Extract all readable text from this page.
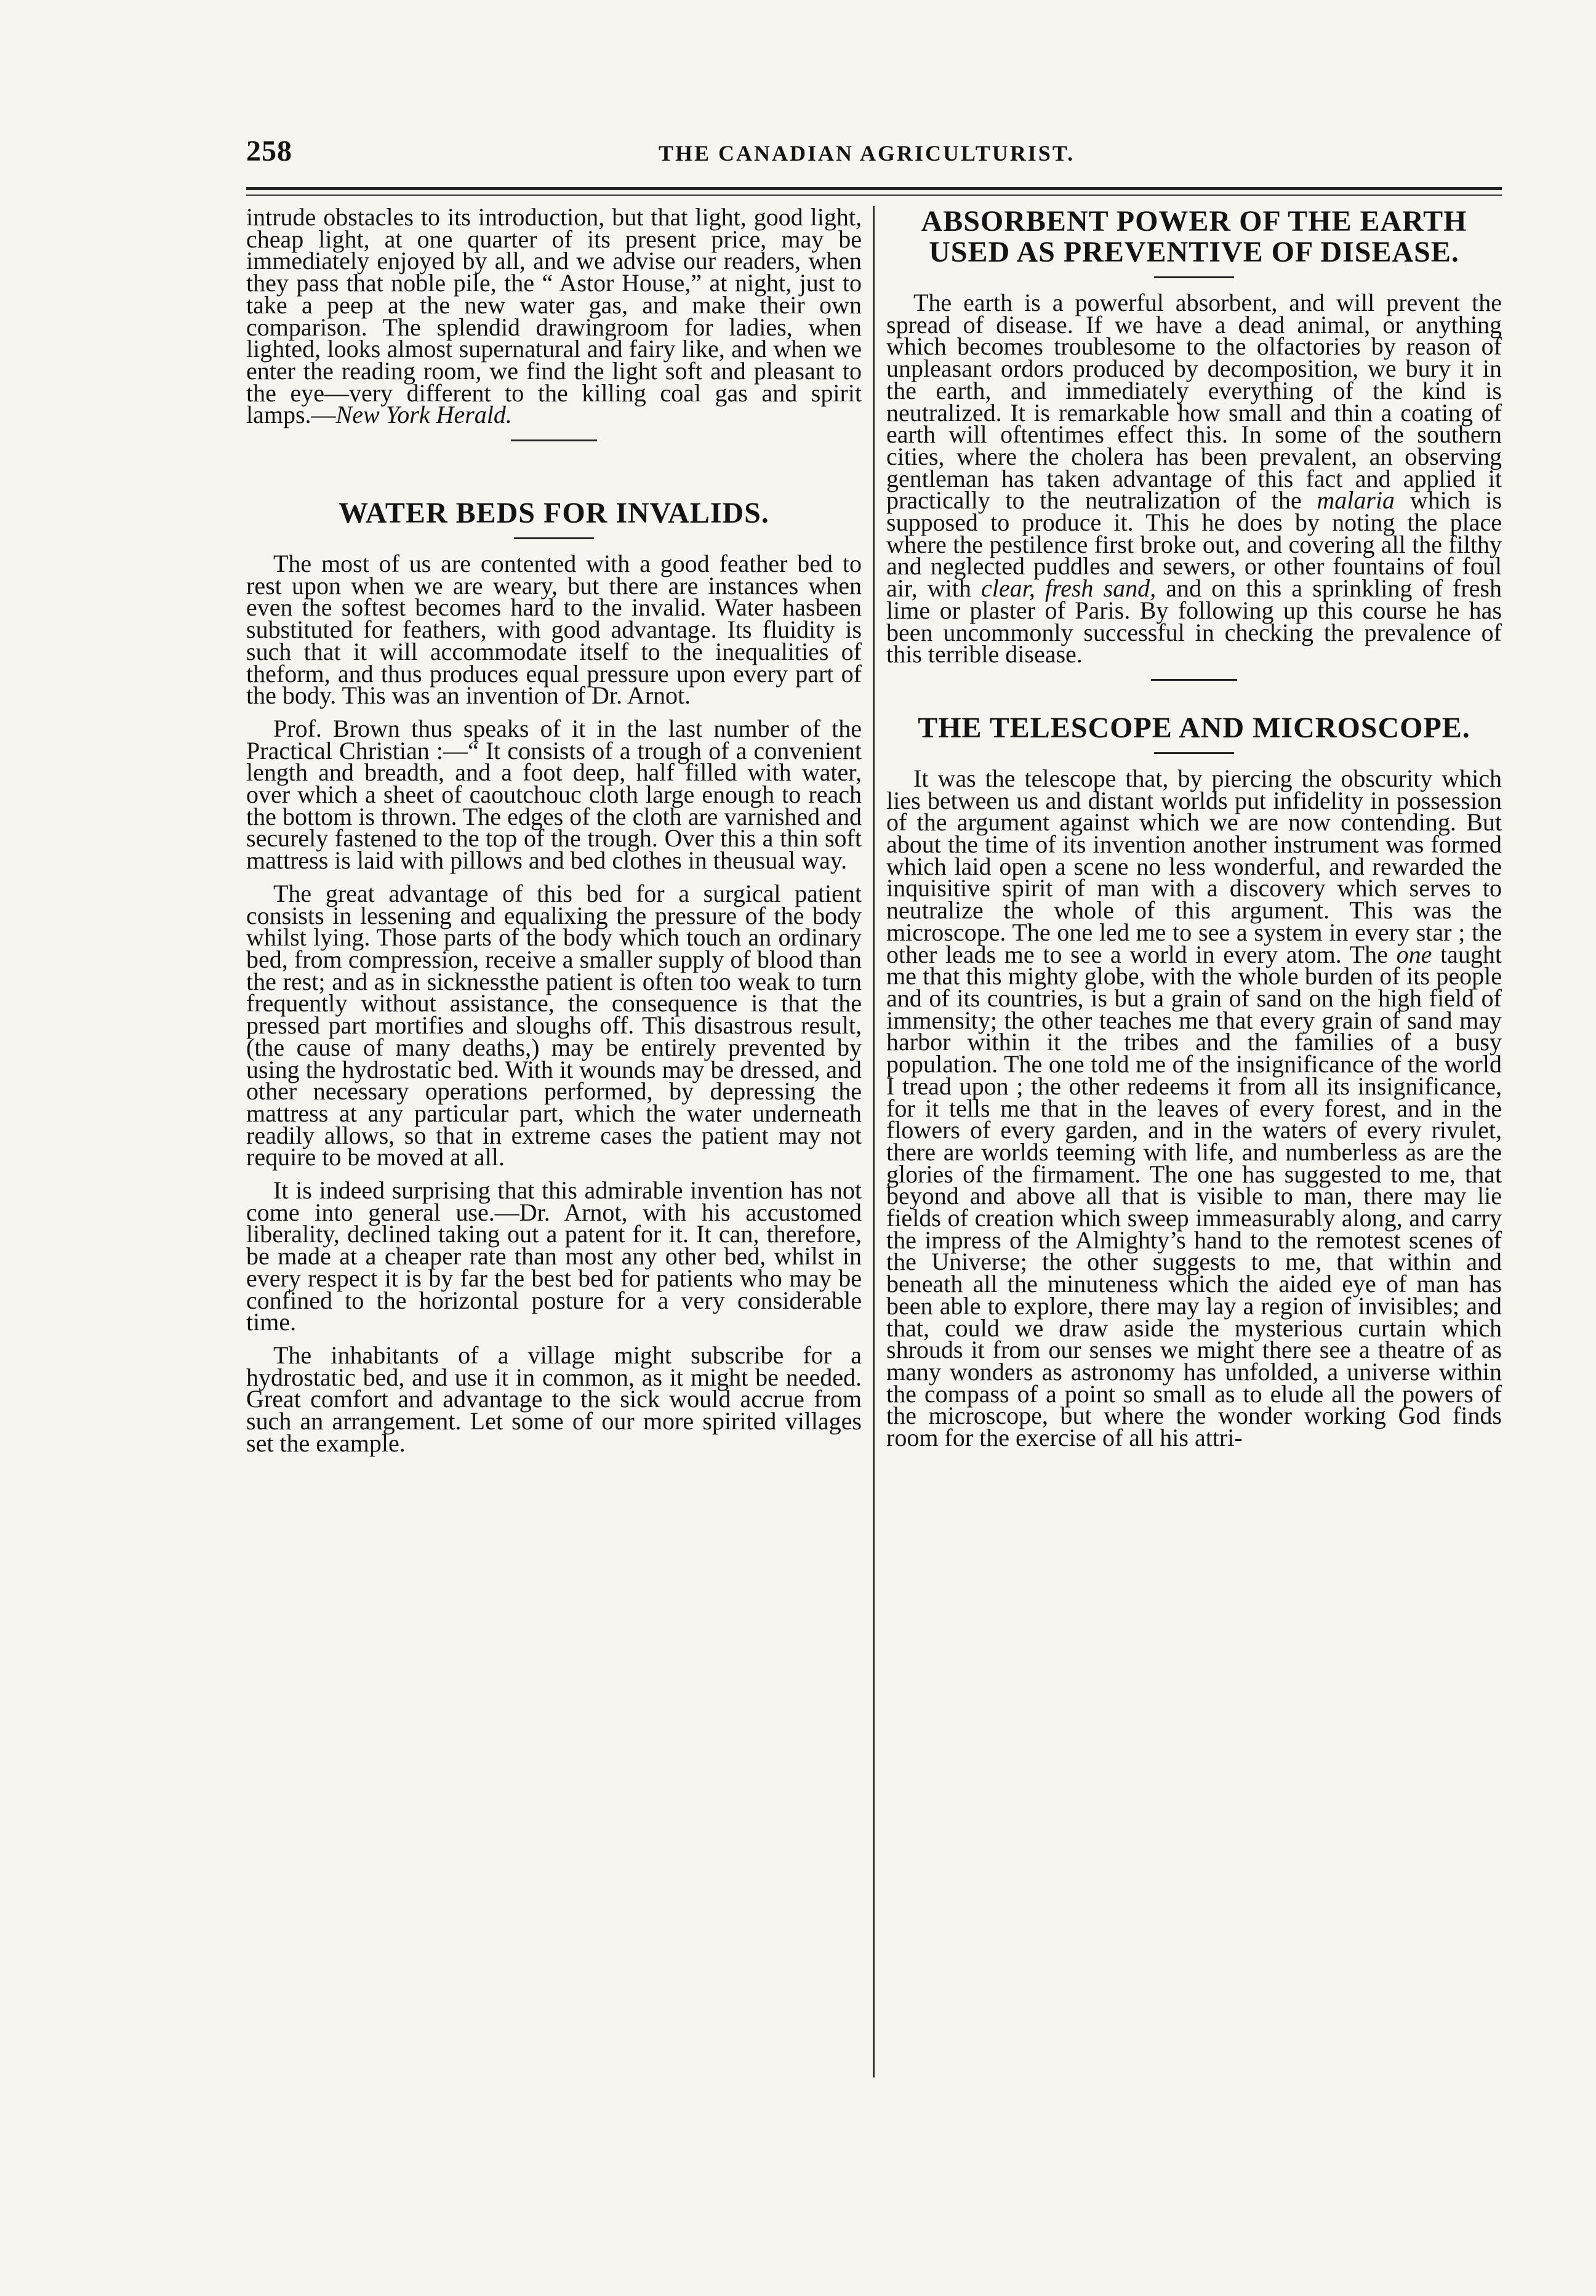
258	THE CANADIAN AGRICULTURIST.

intrude obstacles to its introduction, but that light, good light, cheap light, at one quarter of its present price, may be immediately enjoyed by all, and we advise our readers, when they pass that noble pile, the “ Astor House,” at night, just to take a peep at the new water gas, and make their own comparison. The splendid drawingroom for ladies, when lighted, looks almost supernatural and fairy like, and when we enter the reading room, we find the light soft and pleasant to the eye—very different to the killing coal gas and spirit lamps.—New York Herald.

WATER BEDS FOR INVALIDS.

The most of us are contented with a good feather bed to rest upon when we are weary, but there are instances when even the softest becomes hard to the invalid. Water hasbeen substituted for feathers, with good advantage. Its fluidity is such that it will accommodate itself to the inequalities of theform, and thus produces equal pressure upon every part of the body. This was an invention of Dr. Arnot.

Prof. Brown thus speaks of it in the last number of the Practical Christian :—“ It consists of a trough of a convenient length and breadth, and a foot deep, half filled with water, over which a sheet of caoutchouc cloth large enough to reach the bottom is thrown. The edges of the cloth are varnished and securely fastened to the top of the trough. Over this a thin soft mattress is laid with pillows and bed clothes in theusual way.

The great advantage of this bed for a surgical patient consists in lessening and equalixing the pressure of the body whilst lying. Those parts of the body which touch an ordinary bed, from compression, receive a smaller supply of blood than the rest; and as in sicknessthe patient is often too weak to turn frequently without assistance, the consequence is that the pressed part mortifies and sloughs off. This disastrous result, (the cause of many deaths,) may be entirely prevented by using the hydrostatic bed. With it wounds may be dressed, and other necessary operations performed, by depressing the mattress at any particular part, which the water underneath readily allows, so that in extreme cases the patient may not require to be moved at all.

It is indeed surprising that this admirable invention has not come into general use.—Dr. Arnot, with his accustomed liberality, declined taking out a patent for it. It can, therefore, be made at a cheaper rate than most any other bed, whilst in every respect it is by far the best bed for patients who may be confined to the horizontal posture for a very considerable time.

The inhabitants of a village might subscribe for a hydrostatic bed, and use it in common, as it might be needed. Great comfort and advantage to the sick would accrue from such an arrangement. Let some of our more spirited villages set the example.

ABSORBENT POWER OF THE EARTH USED AS PREVENTIVE OF DISEASE.

The earth is a powerful absorbent, and will prevent the spread of disease. If we have a dead animal, or anything which becomes troublesome to the olfactories by reason of unpleasant ordors produced by decomposition, we bury it in the earth, and immediately everything of the kind is neutralized. It is remarkable how small and thin a coating of earth will oftentimes effect this. In some of the southern cities, where the cholera has been prevalent, an observing gentleman has taken advantage of this fact and applied it practically to the neutralization of the malaria which is supposed to produce it. This he does by noting the place where the pestilence first broke out, and covering all the filthy and neglected puddles and sewers, or other fountains of foul air, with clear, fresh sand, and on this a sprinkling of fresh lime or plaster of Paris. By following up this course he has been uncommonly successful in checking the prevalence of this terrible disease.

THE TELESCOPE AND MICROSCOPE.

It was the telescope that, by piercing the obscurity which lies between us and distant worlds put infidelity in possession of the argument against which we are now contending. But about the time of its invention another instrument was formed which laid open a scene no less wonderful, and rewarded the inquisitive spirit of man with a discovery which serves to neutralize the whole of this argument. This was the microscope. The one led me to see a system in every star ; the other leads me to see a world in every atom. The one taught me that this mighty globe, with the whole burden of its people and of its countries, is but a grain of sand on the high field of immensity; the other teaches me that every grain of sand may harbor within it the tribes and the families of a busy population. The one told me of the insignificance of the world I tread upon ; the other redeems it from all its insignificance, for it tells me that in the leaves of every forest, and in the flowers of every garden, and in the waters of every rivulet, there are worlds teeming with life, and numberless as are the glories of the firmament. The one has suggested to me, that beyond and above all that is visible to man, there may lie fields of creation which sweep immeasurably along, and carry the impress of the Almighty’s hand to the remotest scenes of the Universe; the other suggests to me, that within and beneath all the minuteness which the aided eye of man has been able to explore, there may lay a region of invisibles; and that, could we draw aside the mysterious curtain which shrouds it from our senses we might there see a theatre of as many wonders as astronomy has unfolded, a universe within the compass of a point so small as to elude all the powers of the microscope, but where the wonder working God finds room for the exercise of all his attri-
